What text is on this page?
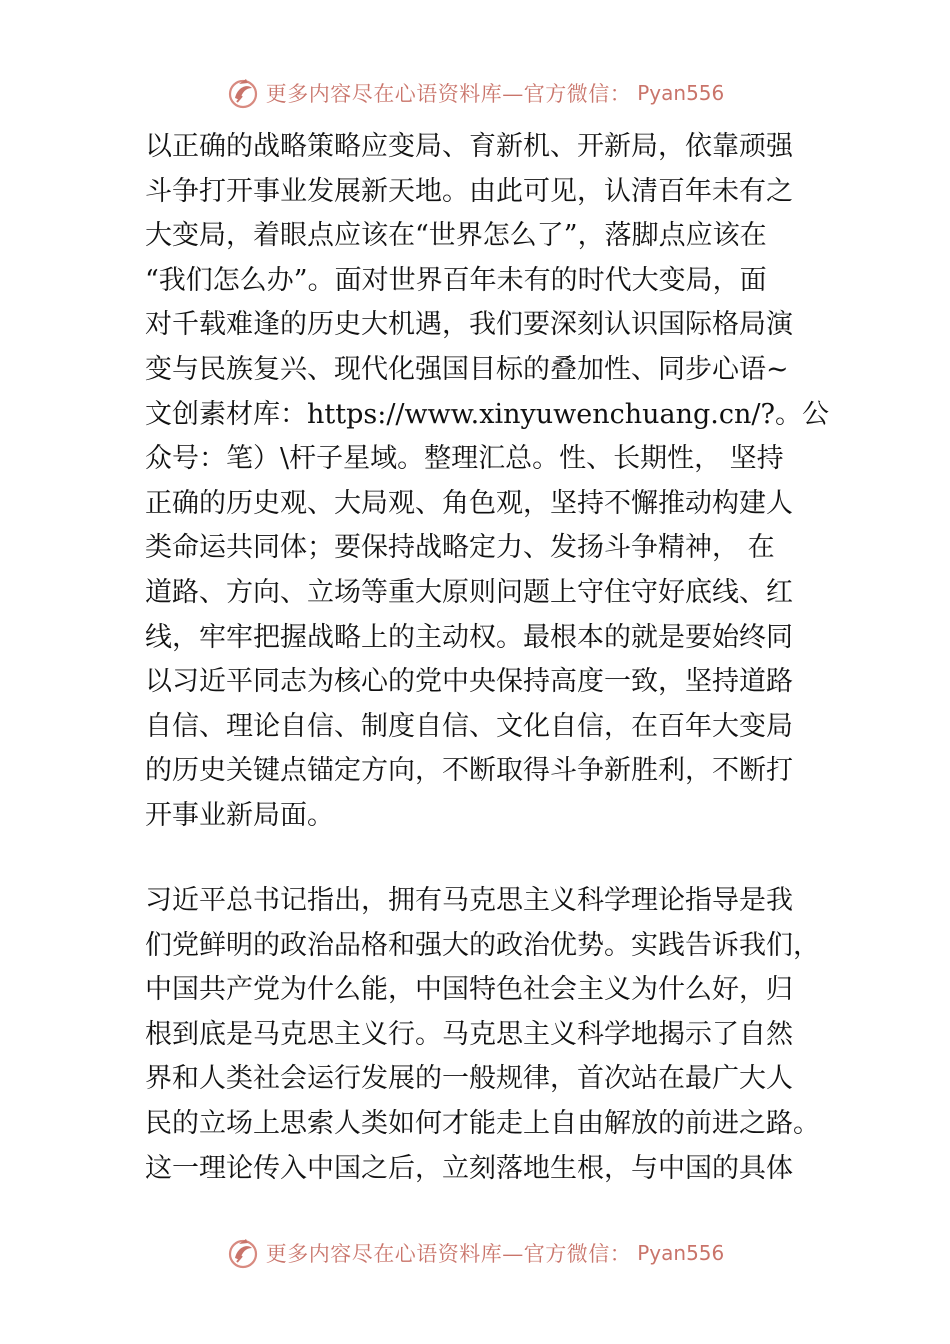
更多内容尽在心语资料库—官方微信： Pyan556
以正确的战略策略应变局、育新机、开新局，依靠顽强
斗争打开事业发展新天地。由此可见，认清百年未有之
大变局，着眼点应该在“世界怎么了”，落脚点应该在
“我们怎么办”。面对世界百年未有的时代大变局，面
对千载难逢的历史大机遇，我们要深刻认识国际格局演
变与民族复兴、现代化强国目标的叠加性、同步心语~
文创素材库：https://www.xinyuwenchuang.cn/?。公
众号：笔）\杆子星域。整理汇总。性、长期性， 坚持
正确的历史观、大局观、角色观，坚持不懈推动构建人
类命运共同体；要保持战略定力、发扬斗争精神， 在
道路、方向、立场等重大原则问题上守住守好底线、红
线，牢牢把握战略上的主动权。最根本的就是要始终同
以习近平同志为核心的党中央保持高度一致，坚持道路
自信、理论自信、制度自信、文化自信，在百年大变局
的历史关键点锚定方向，不断取得斗争新胜利，不断打
开事业新局面。
习近平总书记指出，拥有马克思主义科学理论指导是我
们党鲜明的政治品格和强大的政治优势。实践告诉我们，
中国共产党为什么能，中国特色社会主义为什么好，归
根到底是马克思主义行。马克思主义科学地揭示了自然
界和人类社会运行发展的一般规律，首次站在最广大人
民的立场上思索人类如何才能走上自由解放的前进之路。
这一理论传入中国之后，立刻落地生根，与中国的具体
更多内容尽在心语资料库—官方微信： Pyan556
